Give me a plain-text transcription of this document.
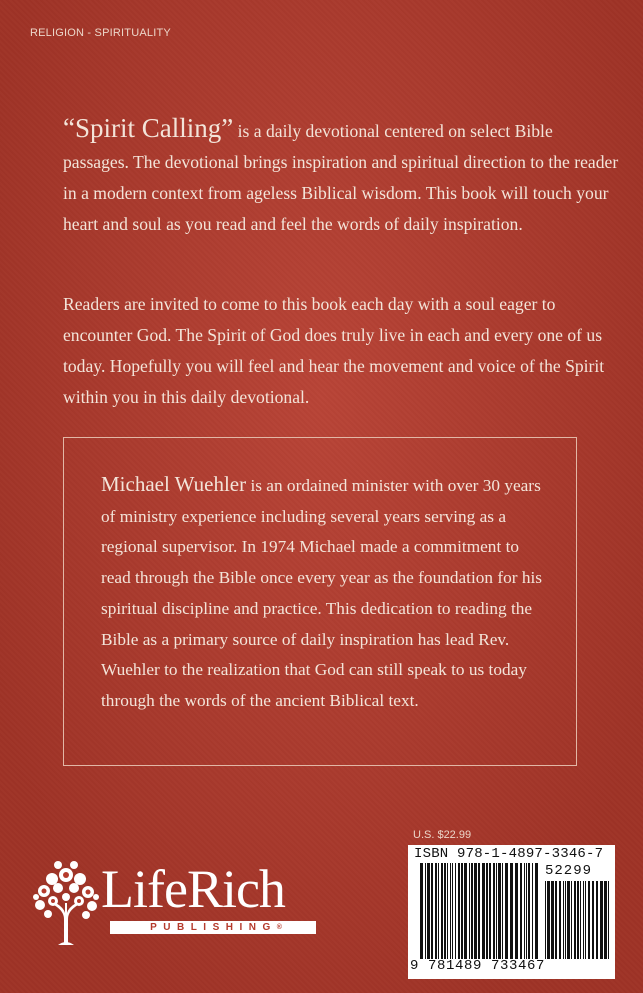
RELIGION - SPIRITUALITY

“Spirit Calling” is a daily devotional centered on select Bible passages. The devotional brings inspiration and spiritual direction to the reader in a modern context from ageless Biblical wisdom. This book will touch your heart and soul as you read and feel the words of daily inspiration.

Readers are invited to come to this book each day with a soul eager to encounter God. The Spirit of God does truly live in each and every one of us today. Hopefully you will feel and hear the movement and voice of the Spirit within you in this daily devotional.

Michael Wuehler is an ordained minister with over 30 years of ministry experience including several years serving as a regional supervisor. In 1974 Michael made a commitment to read through the Bible once every year as the foundation for his spiritual discipline and practice. This dedication to reading the Bible as a primary source of daily inspiration has lead Rev. Wuehler to the realization that God can still speak to us today through the words of the ancient Biblical text.

U.S. $22.99
ISBN 978-1-4897-3346-7
52299
9 781489 733467
LifeRich
PUBLISHING®
